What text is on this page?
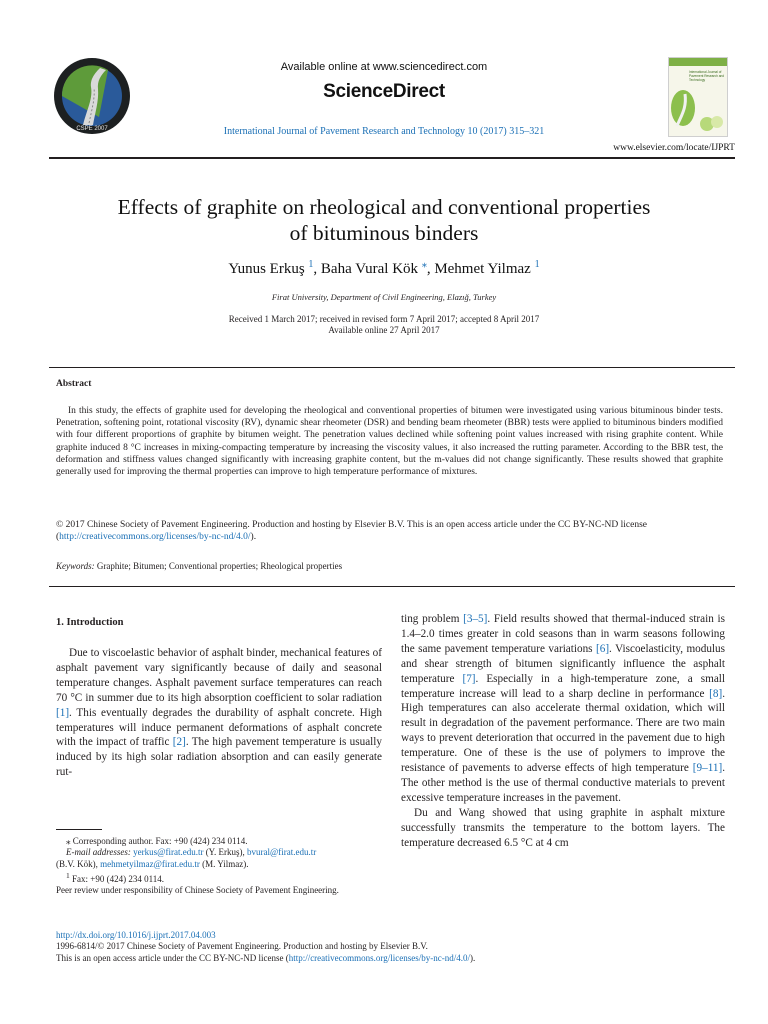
CSPE 2007
Available online at www.sciencedirect.com
ScienceDirect
International Journal of Pavement Research and Technology 10 (2017) 315–321
International Journal of Pavement Research and Technology
www.elsevier.com/locate/IJPRT
Effects of graphite on rheological and conventional properties
of bituminous binders
Yunus Erkuş $^1$, Baha Vural Kök ⁎, Mehmet Yilmaz $^1$
Firat University, Department of Civil Engineering, Elazığ, Turkey
Received 1 March 2017; received in revised form 7 April 2017; accepted 8 April 2017
Available online 27 April 2017
Abstract

In this study, the effects of graphite used for developing the rheological and conventional properties of bitumen were investigated using various bituminous binder tests. Penetration, softening point, rotational viscosity (RV), dynamic shear rheometer (DSR) and bending beam rheometer (BBR) tests were applied to bituminous binders modified with four different proportions of graphite by bitumen weight. The penetration values declined while softening point values increased with rising graphite content. While graphite induced 8 °C increases in mixing-compacting temperature by increasing the viscosity values, it also increased the rutting parameter. According to the BBR test, the deformation and stiffness values changed significantly with increasing graphite content, but the m-values did not change significantly. These results showed that graphite generally used for improving the thermal properties can improve to high temperature performance of mixtures.

© 2017 Chinese Society of Pavement Engineering. Production and hosting by Elsevier B.V. This is an open access article under the CC BY-NC-ND license (http://creativecommons.org/licenses/by-nc-nd/4.0/).
Keywords: Graphite; Bitumen; Conventional properties; Rheological properties
1. Introduction

Due to viscoelastic behavior of asphalt binder, mechanical features of asphalt pavement vary significantly because of daily and seasonal temperature changes. Asphalt pavement surface temperatures can reach 70 °C in summer due to its high absorption coefficient to solar radiation [1]. This eventually degrades the durability of asphalt concrete. High temperatures will induce permanent deformations of asphalt concrete with the impact of traffic [2]. The high pavement temperature is usually induced by its high solar radiation absorption and can easily generate rut-

ting problem [3–5]. Field results showed that thermal-induced strain is 1.4–2.0 times greater in cold seasons than in warm seasons following the same pavement temperature variations [6]. Viscoelasticity, modulus and shear strength of bitumen significantly influence the asphalt temperature [7]. Especially in a high-temperature zone, a small temperature increase will lead to a sharp decline in performance [8]. High temperatures can also accelerate thermal oxidation, which will result in degradation of the pavement performance. There are two main ways to prevent deterioration that occurred in the pavement due to high temperature. One of these is the use of polymers to improve the resistance of pavements to adverse effects of high temperature [9–11]. The other method is the use of thermal conductive materials to prevent excessive temperature increases in the pavement.

Du and Wang showed that using graphite in asphalt mixture successfully transmits the temperature to the bottom layers. The temperature decreased 6.5 °C at 4 cm

⁎ Corresponding author. Fax: +90 (424) 234 0114.
E-mail addresses: yerkus@firat.edu.tr (Y. Erkuş), bvural@firat.edu.tr
(B.V. Kök), mehmetyilmaz@firat.edu.tr (M. Yilmaz).
$^1$ Fax: +90 (424) 234 0114.
Peer review under responsibility of Chinese Society of Pavement Engineering.
http://dx.doi.org/10.1016/j.ijprt.2017.04.003
1996-6814/© 2017 Chinese Society of Pavement Engineering. Production and hosting by Elsevier B.V.
This is an open access article under the CC BY-NC-ND license (http://creativecommons.org/licenses/by-nc-nd/4.0/).
